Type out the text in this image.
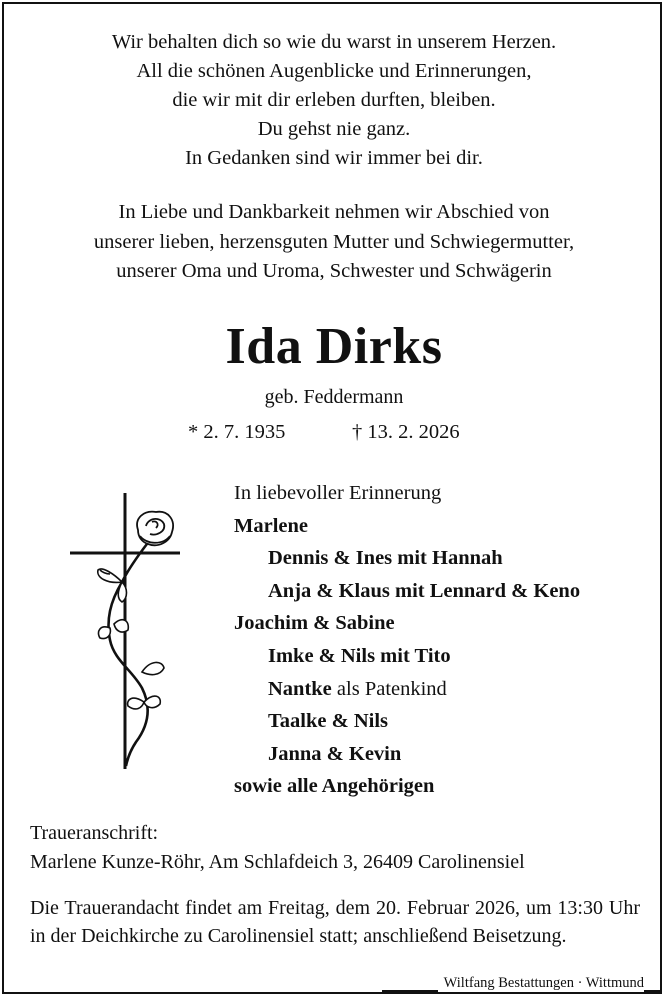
Wir behalten dich so wie du warst in unserem Herzen.
All die schönen Augenblicke und Erinnerungen,
die wir mit dir erleben durften, bleiben.
Du gehst nie ganz.
In Gedanken sind wir immer bei dir.
In Liebe und Dankbarkeit nehmen wir Abschied von
unserer lieben, herzensguten Mutter und Schwiegermutter,
unserer Oma und Uroma, Schwester und Schwägerin
Ida Dirks
geb. Feddermann
* 2. 7. 1935	† 13. 2. 2026
In liebevoller Erinnerung
Marlene
Dennis & Ines mit Hannah
Anja & Klaus mit Lennard & Keno
Joachim & Sabine
Imke & Nils mit Tito
Nantke als Patenkind
Taalke & Nils
Janna & Kevin
sowie alle Angehörigen
Traueranschrift:
Marlene Kunze-Röhr, Am Schlafdeich 3, 26409 Carolinensiel

Die Trauerandacht findet am Freitag, dem 20. Februar 2026, um 13:30 Uhr in der Deichkirche zu Carolinensiel statt; anschließend Beisetzung.

Wiltfang Bestattungen · Wittmund
